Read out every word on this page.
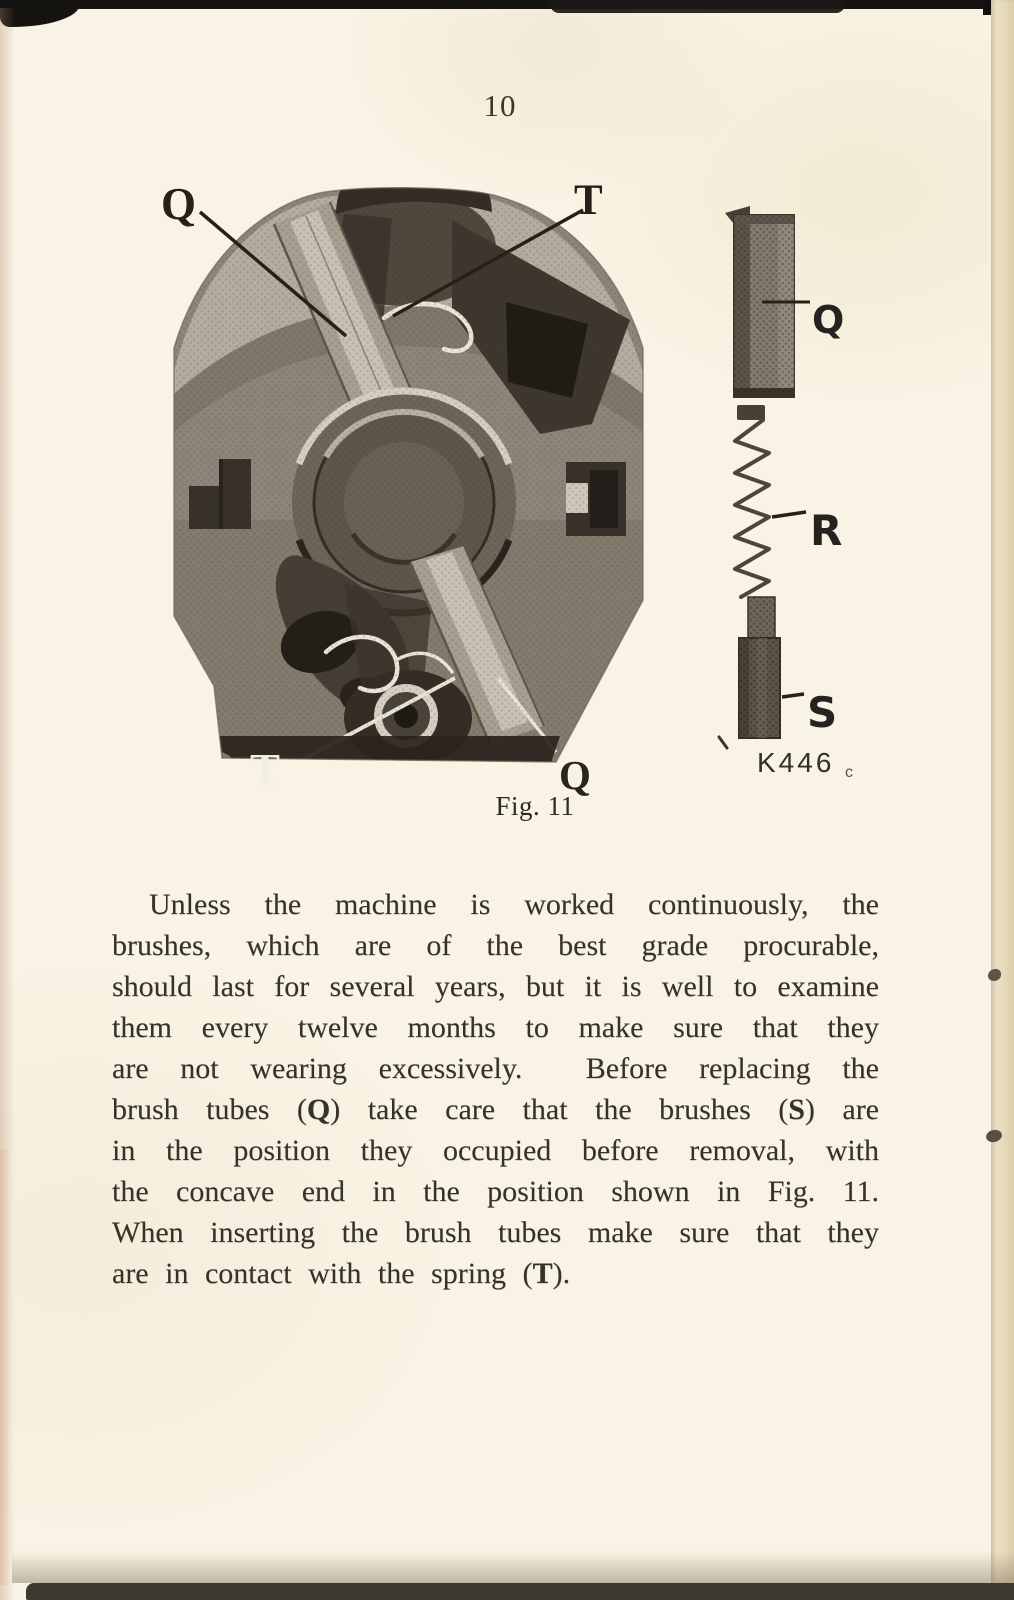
10
Q	T
T	Q
Q
R
S
K446 c
Fig. 11
Unless the machine is worked continuously, the
brushes, which are of the best grade procurable,
should last for several years, but it is well to examine
them every twelve months to make sure that they
are not wearing excessively.  Before replacing the
brush tubes (Q) take care that the brushes (S) are
in the position they occupied before removal, with
the concave end in the position shown in Fig. 11.
When inserting the brush tubes make sure that they
are in contact with the spring (T).
